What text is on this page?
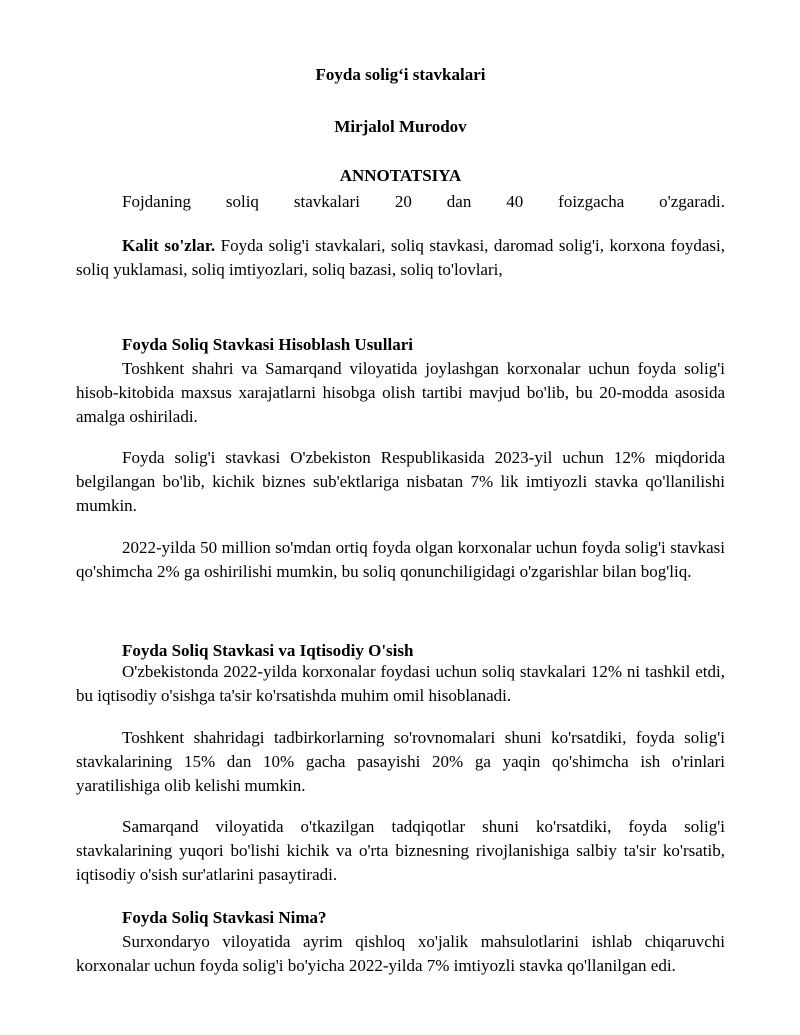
Foyda solig‘i stavkalari

Mirjalol Murodov

ANNOTATSIYA

Fojdaning soliq stavkalari 20 dan 40 foizgacha o'zgaradi.

Kalit so'zlar. Foyda solig'i stavkalari, soliq stavkasi, daromad solig'i, korxona foydasi, soliq yuklamasi, soliq imtiyozlari, soliq bazasi, soliq to'lovlari,

Foyda Soliq Stavkasi Hisoblash Usullari

Toshkent shahri va Samarqand viloyatida joylashgan korxonalar uchun foyda solig'i hisob-kitobida maxsus xarajatlarni hisobga olish tartibi mavjud bo'lib, bu 20-modda asosida amalga oshiriladi.

Foyda solig'i stavkasi O'zbekiston Respublikasida 2023-yil uchun 12% miqdorida belgilangan bo'lib, kichik biznes sub'ektlariga nisbatan 7% lik imtiyozli stavka qo'llanilishi mumkin.

2022-yilda 50 million so'mdan ortiq foyda olgan korxonalar uchun foyda solig'i stavkasi qo'shimcha 2% ga oshirilishi mumkin, bu soliq qonunchiligidagi o'zgarishlar bilan bog'liq.

Foyda Soliq Stavkasi va Iqtisodiy O'sish

O'zbekistonda 2022-yilda korxonalar foydasi uchun soliq stavkalari 12% ni tashkil etdi, bu iqtisodiy o'sishga ta'sir ko'rsatishda muhim omil hisoblanadi.

Toshkent shahridagi tadbirkorlarning so'rovnomalari shuni ko'rsatdiki, foyda solig'i stavkalarining 15% dan 10% gacha pasayishi 20% ga yaqin qo'shimcha ish o'rinlari yaratilishiga olib kelishi mumkin.

Samarqand viloyatida o'tkazilgan tadqiqotlar shuni ko'rsatdiki, foyda solig'i stavkalarining yuqori bo'lishi kichik va o'rta biznesning rivojlanishiga salbiy ta'sir ko'rsatib, iqtisodiy o'sish sur'atlarini pasaytiradi.

Foyda Soliq Stavkasi Nima?

Surxondaryo viloyatida ayrim qishloq xo'jalik mahsulotlarini ishlab chiqaruvchi korxonalar uchun foyda solig'i bo'yicha 2022-yilda 7% imtiyozli stavka qo'llanilgan edi.
